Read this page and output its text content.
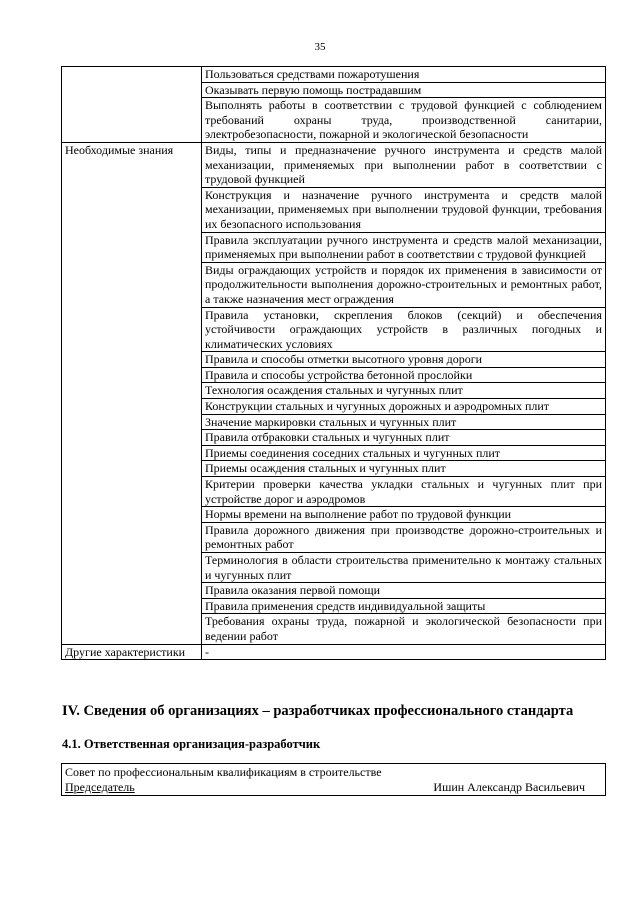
35
	Пользоваться средствами пожаротушения
	Оказывать первую помощь пострадавшим
	Выполнять работы в соответствии с трудовой функцией с соблюдением требований охраны труда, производственной санитарии, электробезопасности, пожарной и экологической безопасности
Необходимые знания	Виды, типы и предназначение ручного инструмента и средств малой механизации, применяемых при выполнении работ в соответствии с трудовой функцией
	Конструкция и назначение ручного инструмента и средств малой механизации, применяемых при выполнении трудовой функции, требования их безопасного использования
	Правила эксплуатации ручного инструмента и средств малой механизации, применяемых при выполнении работ в соответствии с трудовой функцией
	Виды ограждающих устройств и порядок их применения в зависимости от продолжительности выполнения дорожно-строительных и ремонтных работ, а также назначения мест ограждения
	Правила установки, скрепления блоков (секций) и обеспечения устойчивости ограждающих устройств в различных погодных и климатических условиях
	Правила и способы отметки высотного уровня дороги
	Правила и способы устройства бетонной прослойки
	Технология осаждения стальных и чугунных плит
	Конструкции стальных и чугунных дорожных и аэродромных плит
	Значение маркировки стальных и чугунных плит
	Правила отбраковки стальных и чугунных плит
	Приемы соединения соседних стальных и чугунных плит
	Приемы осаждения стальных и чугунных плит
	Критерии проверки качества укладки стальных и чугунных плит при устройстве дорог и аэродромов
	Нормы времени на выполнение работ по трудовой функции
	Правила дорожного движения при производстве дорожно-строительных и ремонтных работ
	Терминология в области строительства применительно к монтажу стальных и чугунных плит
	Правила оказания первой помощи
	Правила применения средств индивидуальной защиты
	Требования охраны труда, пожарной и экологической безопасности при ведении работ
Другие характеристики	-
IV. Сведения об организациях – разработчиках профессионального стандарта
4.1. Ответственная организация-разработчик
Совет по профессиональным квалификациям в строительстве
Председатель	Ишин Александр Васильевич
